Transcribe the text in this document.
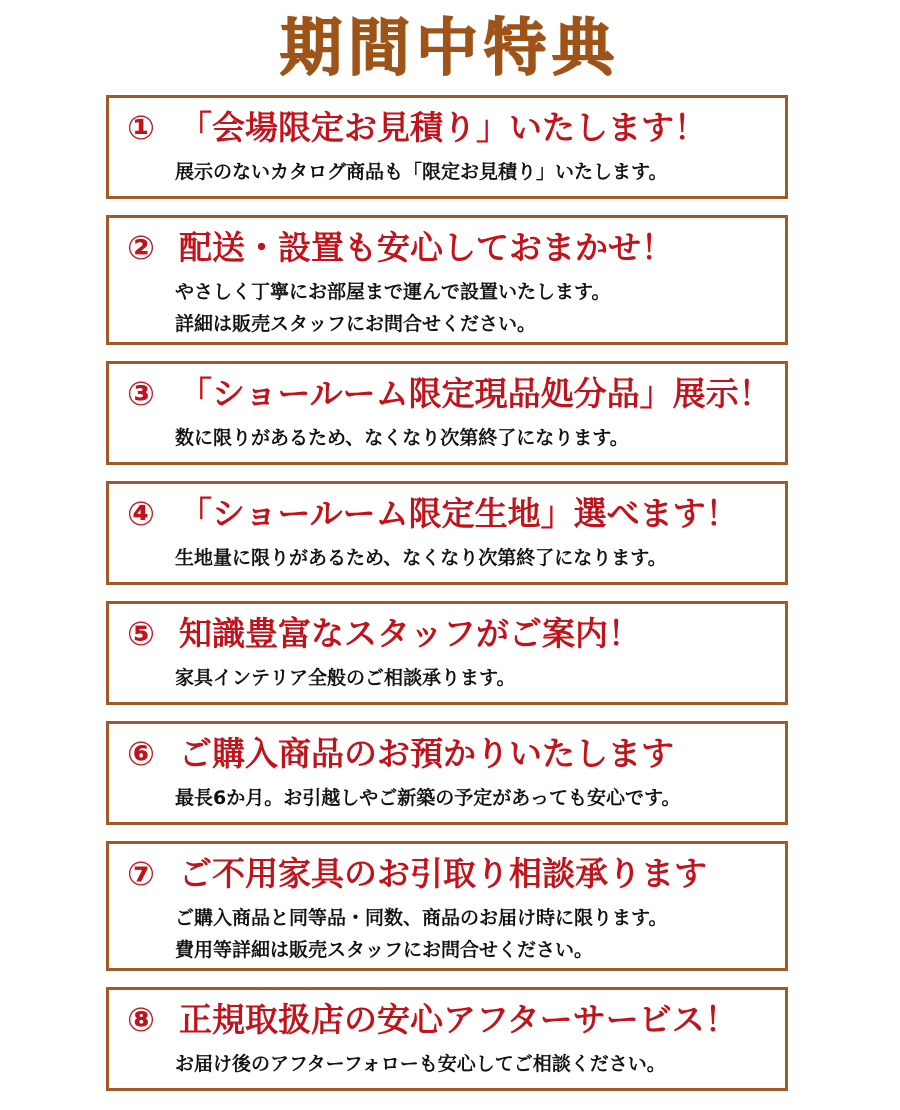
期間中特典
① 「会場限定お見積り」いたします！
展示のないカタログ商品も「限定お見積り」いたします。
② 配送・設置も安心しておまかせ！
やさしく丁寧にお部屋まで運んで設置いたします。
詳細は販売スタッフにお問合せください。
③ 「ショールーム限定現品処分品」展示！
数に限りがあるため、なくなり次第終了になります。
④ 「ショールーム限定生地」選べます！
生地量に限りがあるため、なくなり次第終了になります。
⑤ 知識豊富なスタッフがご案内！
家具インテリア全般のご相談承ります。
⑥ ご購入商品のお預かりいたします
最長6か月。お引越しやご新築の予定があっても安心です。
⑦ ご不用家具のお引取り相談承ります
ご購入商品と同等品・同数、商品のお届け時に限ります。
費用等詳細は販売スタッフにお問合せください。
⑧ 正規取扱店の安心アフターサービス！
お届け後のアフターフォローも安心してご相談ください。
